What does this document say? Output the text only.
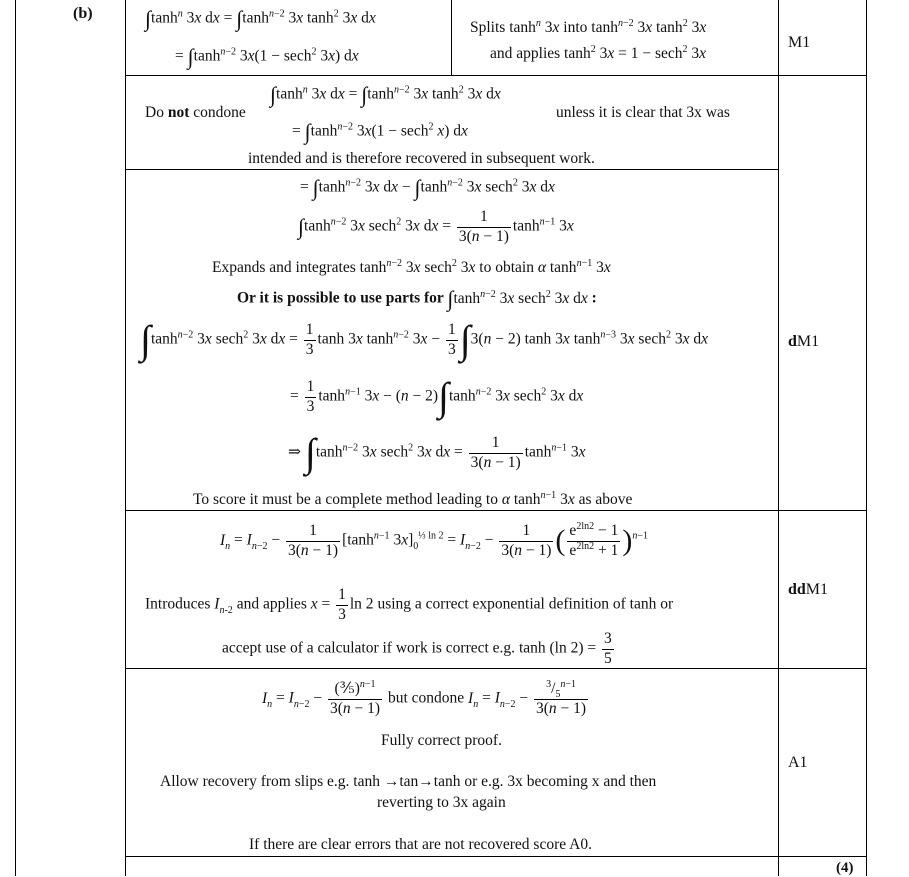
(b)
M1
dM1
ddM1
A1
(4)
$\int\tanh^n$ 3x dx = $\int\tanh^{n-2}$ 3x $\tanh^2 3x$ dx
= $\int\tanh^{n-2}$ 3x(1 − sech$^2$ 3x) dx
Splits $\tanh^n 3x$ into $\tanh^{n-2} 3x$ $\tanh^2 3x$
and applies $\tanh^2 3x = 1 - \sec h^2$ 3x
$\int\tanh^n$ 3x dx = $\int\tanh^{n-2}$ 3x $\tanh^2 3x$ dx
Do not condone	unless it is clear that 3x was
= $\int\tanh^{n-2}$ 3x(1 − sech$^2$ x) dx
intended and is therefore recovered in subsequent work.
= $\int\tanh^{n-2}$ 3x dx − $\int\tanh^{n-2}$ 3x sech$^2$ 3x dx
$\int\tanh^{n-2}$ 3x sech$^2$ 3x dx = $\frac{1}{3(n - 1)} \tanh^{n-1} 3x$
Expands and integrates $\tanh^{n-2} 3x$ sech$^2$ 3x to obtain α $\tanh^{n-1} 3x$
Or it is possible to use parts for $\int\tanh^{n-2}$ 3x sech$^2$ 3x dx :
$\int\tanh^{n-2}$ 3x sech$^2$ 3x dx = $\frac{1}{3}$ tanh 3x $\tanh^{n-2} 3x - \frac{1}{3} \int 3(n - 2)$ tanh 3x $\tanh^{n-3} 3x$ sech$^2$ 3x dx
= $\frac{1}{3} \tanh^{n-1} 3x - (n - 2)\int\tanh^{n-2}$ 3x sech$^2$ 3x dx
⇒ $\int\tanh^{n-2}$ 3x sech$^2$ 3x dx = $\frac{1}{3(n - 1)} \tanh^{n-1} 3x$
To score it must be a complete method leading to α $\tanh^{n-1} 3x$ as above
$I_n = I_{n-2} - \frac{1}{3(n - 1)} [\tanh^{n-1}$ $3x]_0^{\frac{1}{3} ln 2} = I_{n-2} - \frac{1}{3(n - 1)}$ ( $\frac{e^{2ln2} - 1}{e^{2ln2} + 1} )^{n-1}$
Introduces $I_{n-2}$ and applies $x = \frac{1}{3}$ ln 2 using a correct exponential definition of tanh or
accept use of a calculator if work is correct e.g. tanh (ln $2) = \frac{3}{5}$
$I_n = I_{n-2} - \frac{(\frac{3}{5})^{n-1}}{3(n - 1)}$ but condone $I_n = I_{n-2} - \frac{^3/_5^{n-1}}{3(n - 1)}$
Fully correct proof.
Allow recovery from slips e.g. tanh →tan→tanh or e.g. 3x becoming x and then
reverting to 3x again
If there are clear errors that are not recovered score A0.
